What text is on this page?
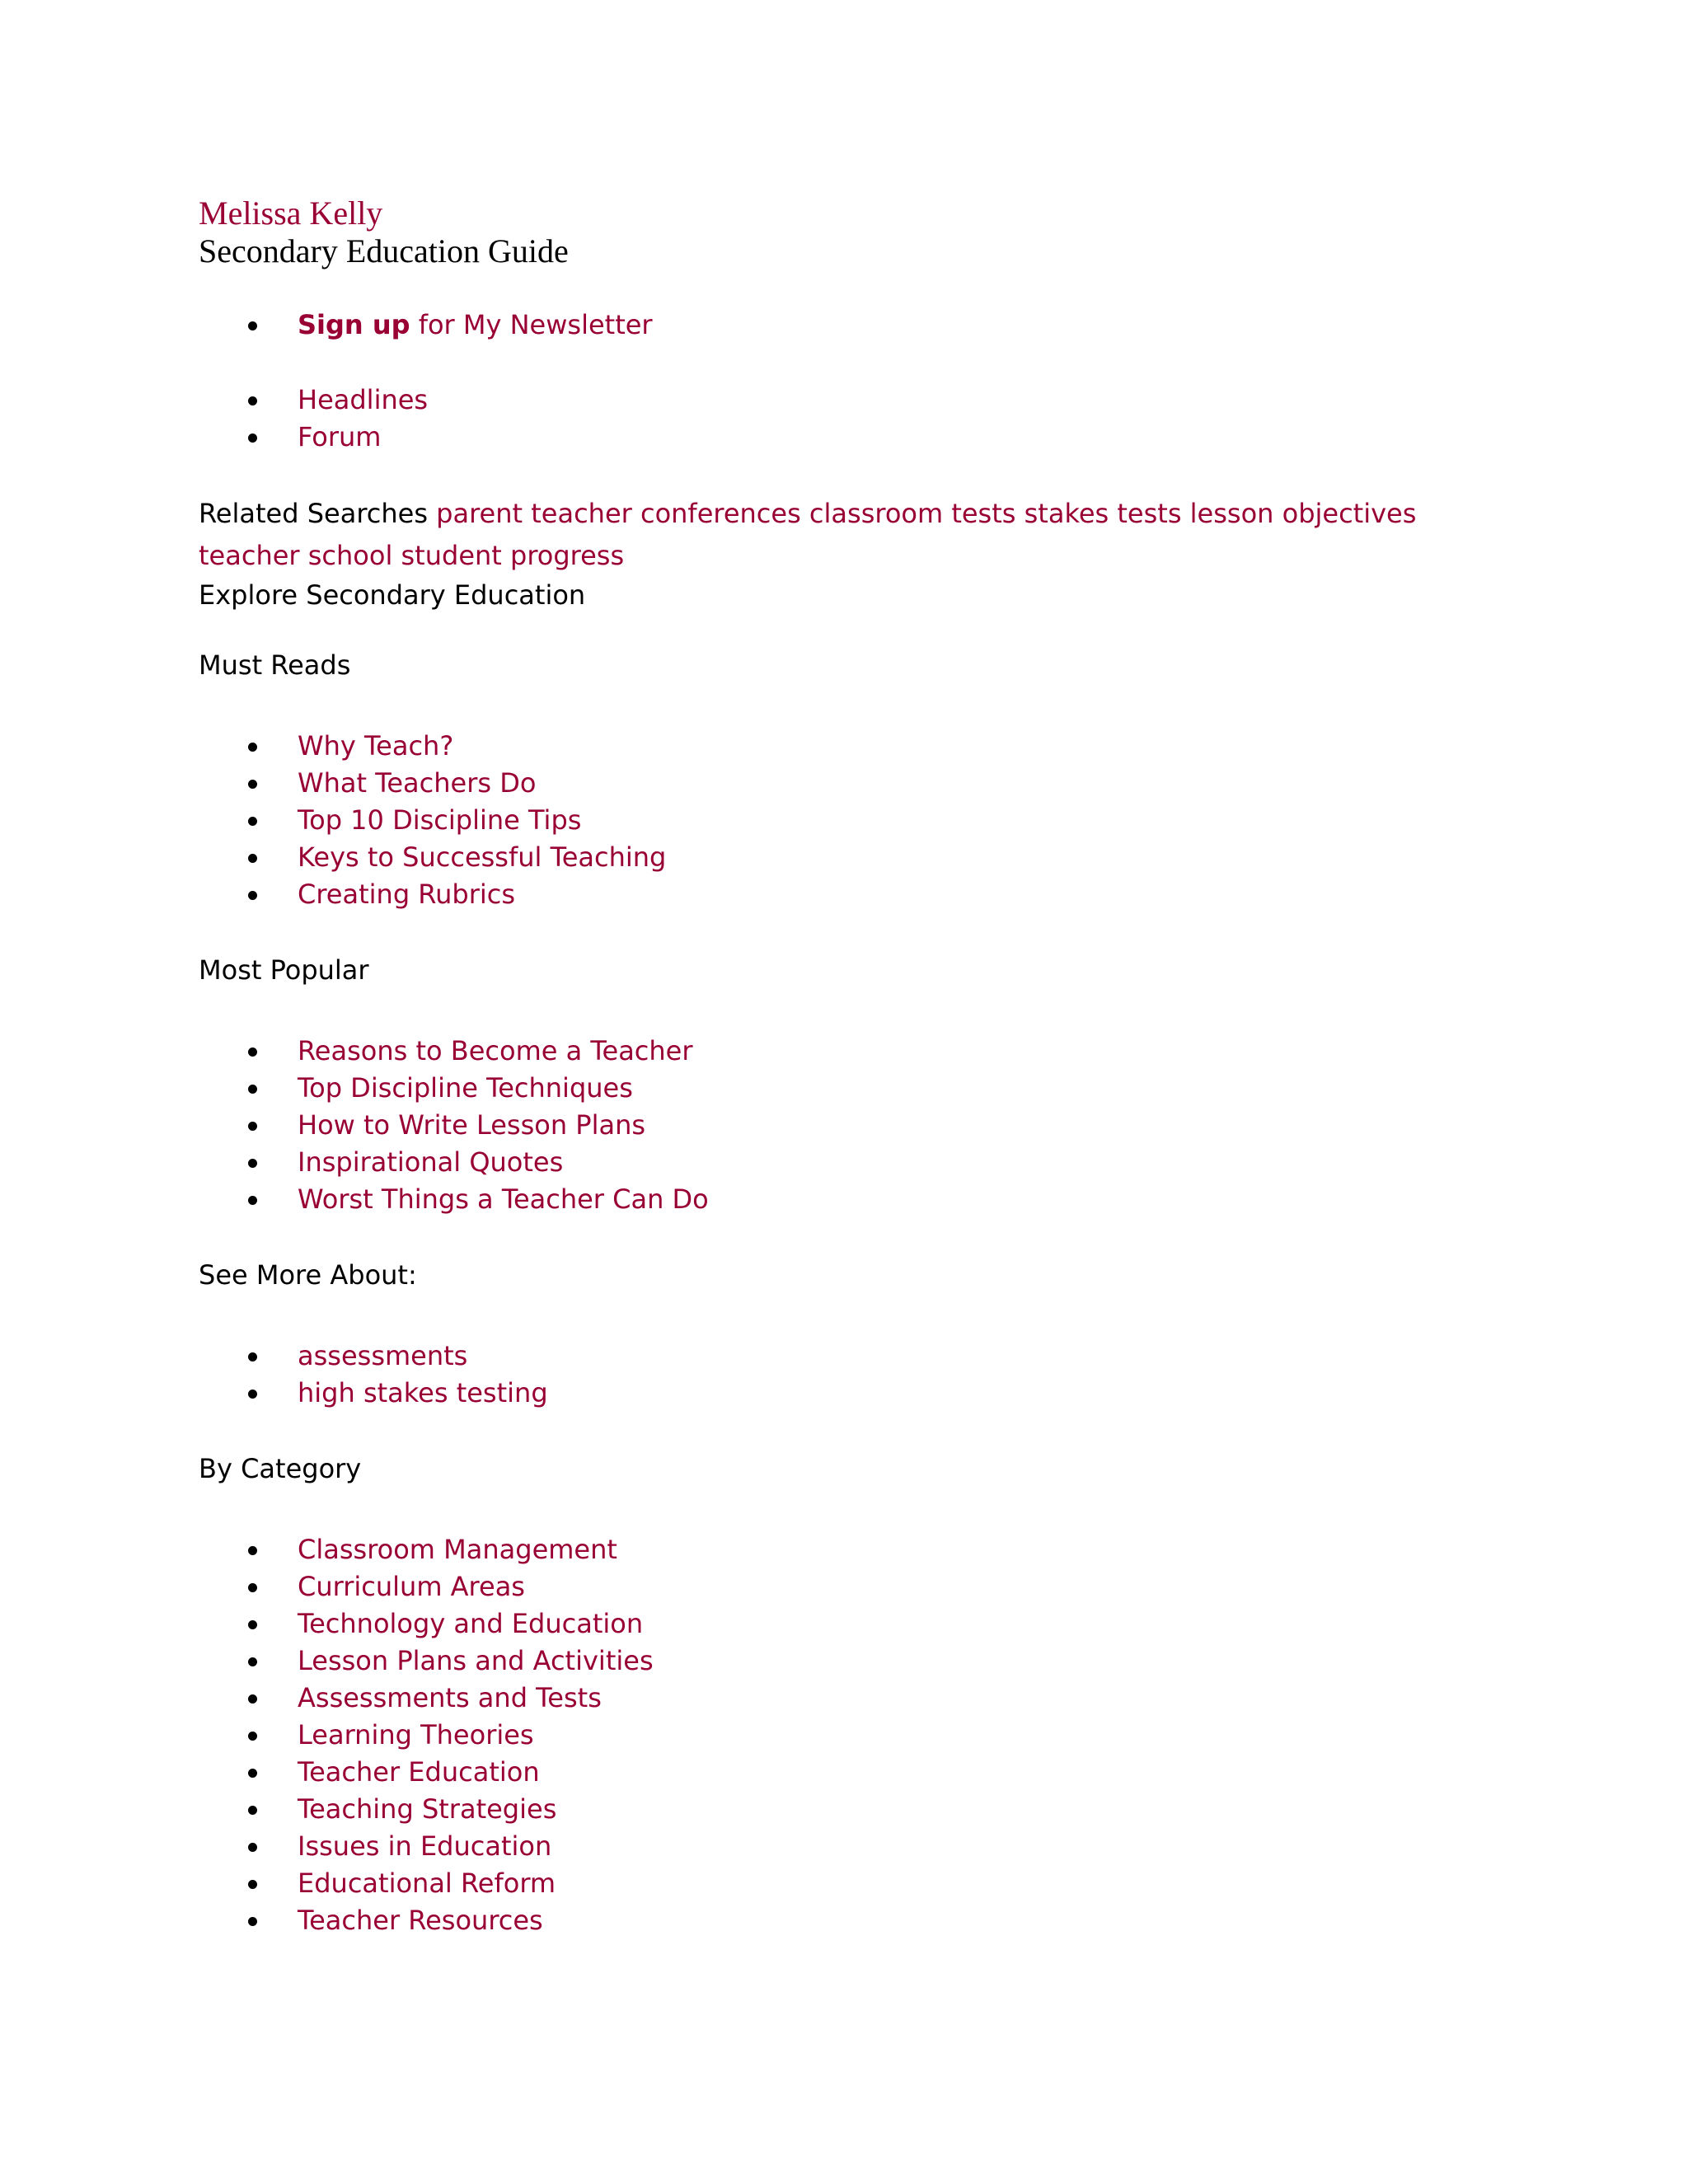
Melissa Kelly
Secondary Education Guide
Sign up for My Newsletter
Headlines
Forum
Related Searches parent teacher conferences classroom tests stakes tests lesson objectives teacher school student progress
Explore Secondary Education
Must Reads
Why Teach?
What Teachers Do
Top 10 Discipline Tips
Keys to Successful Teaching
Creating Rubrics
Most Popular
Reasons to Become a Teacher
Top Discipline Techniques
How to Write Lesson Plans
Inspirational Quotes
Worst Things a Teacher Can Do
See More About:
assessments
high stakes testing
By Category
Classroom Management
Curriculum Areas
Technology and Education
Lesson Plans and Activities
Assessments and Tests
Learning Theories
Teacher Education
Teaching Strategies
Issues in Education
Educational Reform
Teacher Resources
